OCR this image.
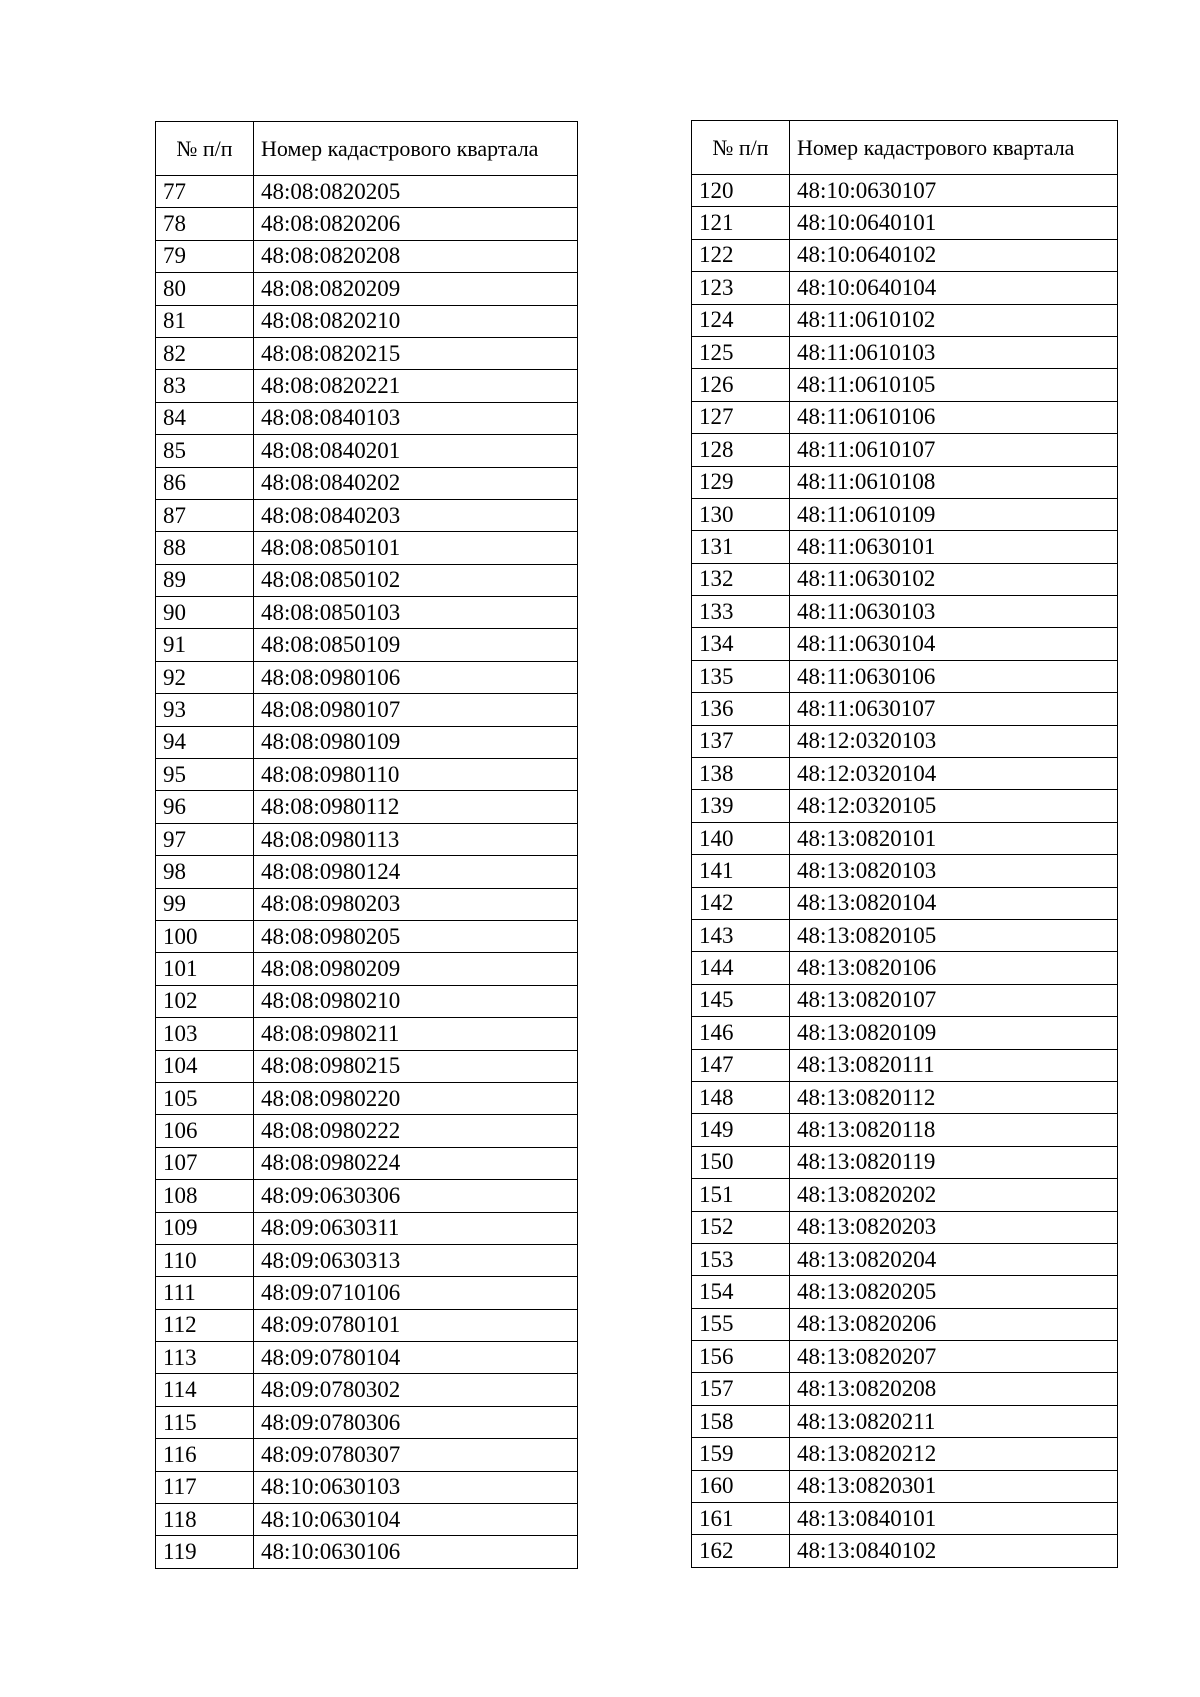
№ п/п	Номер кадастрового квартала
77	48:08:0820205
78	48:08:0820206
79	48:08:0820208
80	48:08:0820209
81	48:08:0820210
82	48:08:0820215
83	48:08:0820221
84	48:08:0840103
85	48:08:0840201
86	48:08:0840202
87	48:08:0840203
88	48:08:0850101
89	48:08:0850102
90	48:08:0850103
91	48:08:0850109
92	48:08:0980106
93	48:08:0980107
94	48:08:0980109
95	48:08:0980110
96	48:08:0980112
97	48:08:0980113
98	48:08:0980124
99	48:08:0980203
100	48:08:0980205
101	48:08:0980209
102	48:08:0980210
103	48:08:0980211
104	48:08:0980215
105	48:08:0980220
106	48:08:0980222
107	48:08:0980224
108	48:09:0630306
109	48:09:0630311
110	48:09:0630313
111	48:09:0710106
112	48:09:0780101
113	48:09:0780104
114	48:09:0780302
115	48:09:0780306
116	48:09:0780307
117	48:10:0630103
118	48:10:0630104
119	48:10:0630106
№ п/п	Номер кадастрового квартала
120	48:10:0630107
121	48:10:0640101
122	48:10:0640102
123	48:10:0640104
124	48:11:0610102
125	48:11:0610103
126	48:11:0610105
127	48:11:0610106
128	48:11:0610107
129	48:11:0610108
130	48:11:0610109
131	48:11:0630101
132	48:11:0630102
133	48:11:0630103
134	48:11:0630104
135	48:11:0630106
136	48:11:0630107
137	48:12:0320103
138	48:12:0320104
139	48:12:0320105
140	48:13:0820101
141	48:13:0820103
142	48:13:0820104
143	48:13:0820105
144	48:13:0820106
145	48:13:0820107
146	48:13:0820109
147	48:13:0820111
148	48:13:0820112
149	48:13:0820118
150	48:13:0820119
151	48:13:0820202
152	48:13:0820203
153	48:13:0820204
154	48:13:0820205
155	48:13:0820206
156	48:13:0820207
157	48:13:0820208
158	48:13:0820211
159	48:13:0820212
160	48:13:0820301
161	48:13:0840101
162	48:13:0840102
